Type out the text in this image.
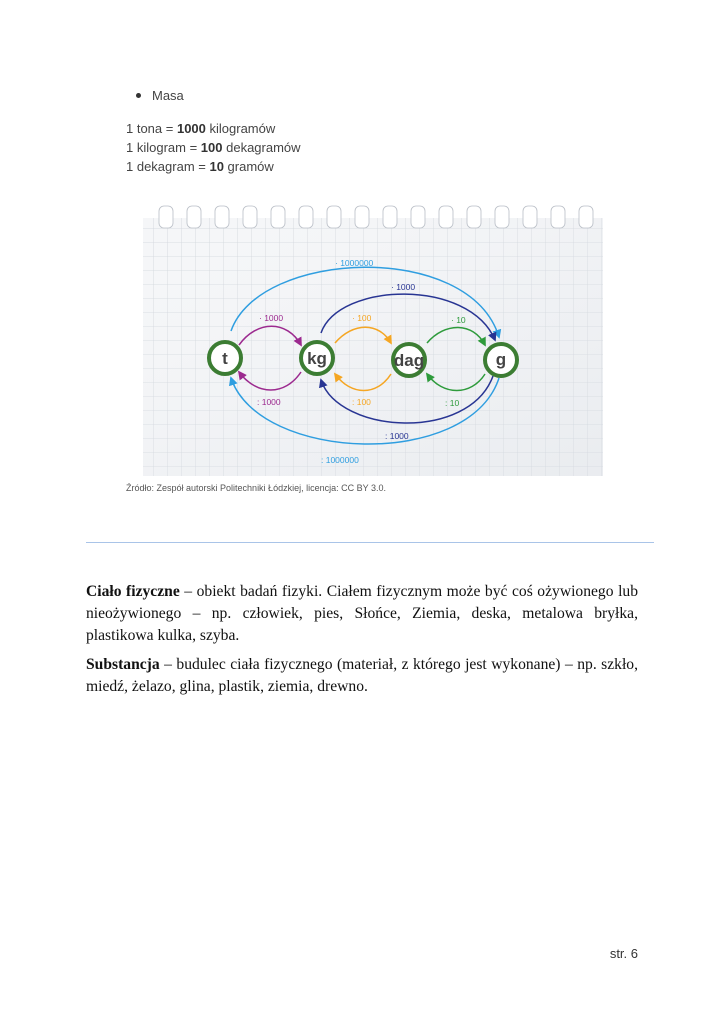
Masa
1 tona = 1000 kilogramów
1 kilogram = 100 dekagramów
1 dekagram = 10 gramów
· 1000000
· 1000
· 1000	· 100	· 10
: 1000	: 100	: 10
: 1000
: 1000000
t	kg	dag	g
Źródło: Zespół autorski Politechniki Łódzkiej, licencja: CC BY 3.0.
Ciało fizyczne – obiekt badań fizyki. Ciałem fizycznym może być coś ożywionego lub nieożywionego – np. człowiek, pies, Słońce, Ziemia, deska, metalowa bryłka, plastikowa kulka, szyba.
Substancja – budulec ciała fizycznego (materiał, z którego jest wykonane) – np. szkło, miedź, żelazo, glina, plastik, ziemia, drewno.
str. 6
